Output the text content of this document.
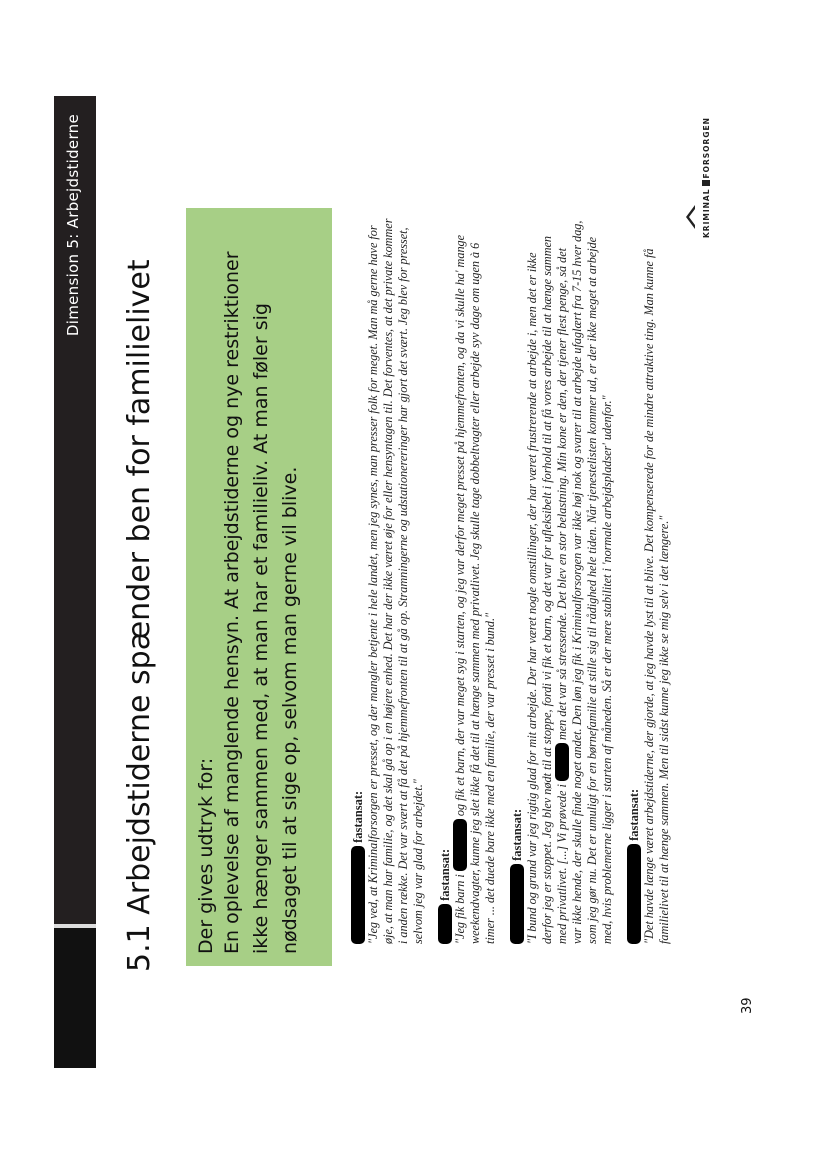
Dimension 5: Arbejdstiderne
5.1 Arbejdstiderne spænder ben for familielivet Der gives udtryk for: En oplevelse af manglende hensyn. At arbejdstiderne og nye restriktioner ikke hænger sammen med, at man har et familieliv. At man føler sig nødsaget til at sige op, selvom man gerne vil blive.	fastansat: "Jeg ved, at Kriminalforsorgen er presset, og der mangler betjente i hele landet, men jeg synes, man presser folk for meget. Man må gerne have for øje, at man har familie, og det skal gå op i en højere enhed. Det har der ikke været øje for eller hensyntagen til. Det forventes, at det private kommer i anden række. Det var svært at få det på hjemmefronten til at gå op. Stramningerne og udstationereringer har gjort det svært. Jeg blev for presset, selvom jeg var glad for arbejdet." fastansat: "Jeg fik barn i  og fik et barn, der var meget syg i starten, og jeg var derfor meget presset på hjemmefronten, og da vi skulle ha' mange weekendvagter, kunne jeg slet ikke få det til at hænge sammen med privatlivet. Jeg skulle tage dobbeltvagter eller arbejde syv dage om ugen à 6 timer ... det duede bare ikke med en familie, der var presset i bund." fastansat: "I bund og grund var jeg rigtig glad for mit arbejde. Der har været nogle omstillinger, der har været frustrerende at arbejde i, men det er ikke derfor jeg er stoppet. Jeg blev nødt til at stoppe, fordi vi fik et barn, og det var for ufleksibelt i forhold til at få vores arbejde til at hænge sammen med privatlivet. [...] Vi prøvede i  men det var så stressende. Det blev en stor belastning. Min kone er den, der tjener flest penge, så det var ikke hende, der skulle finde noget andet. Den løn jeg fik i Kriminalforsorgen var ikke høj nok og svarer til at arbejde ufaglært fra 7-15 hver dag, som jeg gør nu. Det er umuligt for en børnefamilie at stille sig til rådighed hele tiden. Når tjenestelisten kommer ud, er der ikke meget at arbejde med, hvis problemerne ligger i starten af måneden. Så er der mere stabilitet i 'normale arbejdspladser' udenfor." fastansat: "Det havde længe været arbejdstiderne, der gjorde, at jeg havde lyst til at blive. Det kompenserede for de mindre attraktive ting. Man kunne få familielivet til at hænge sammen. Men til sidst kunne jeg ikke se mig selv i det længere."
39
KRIMINALFORSORGEN
